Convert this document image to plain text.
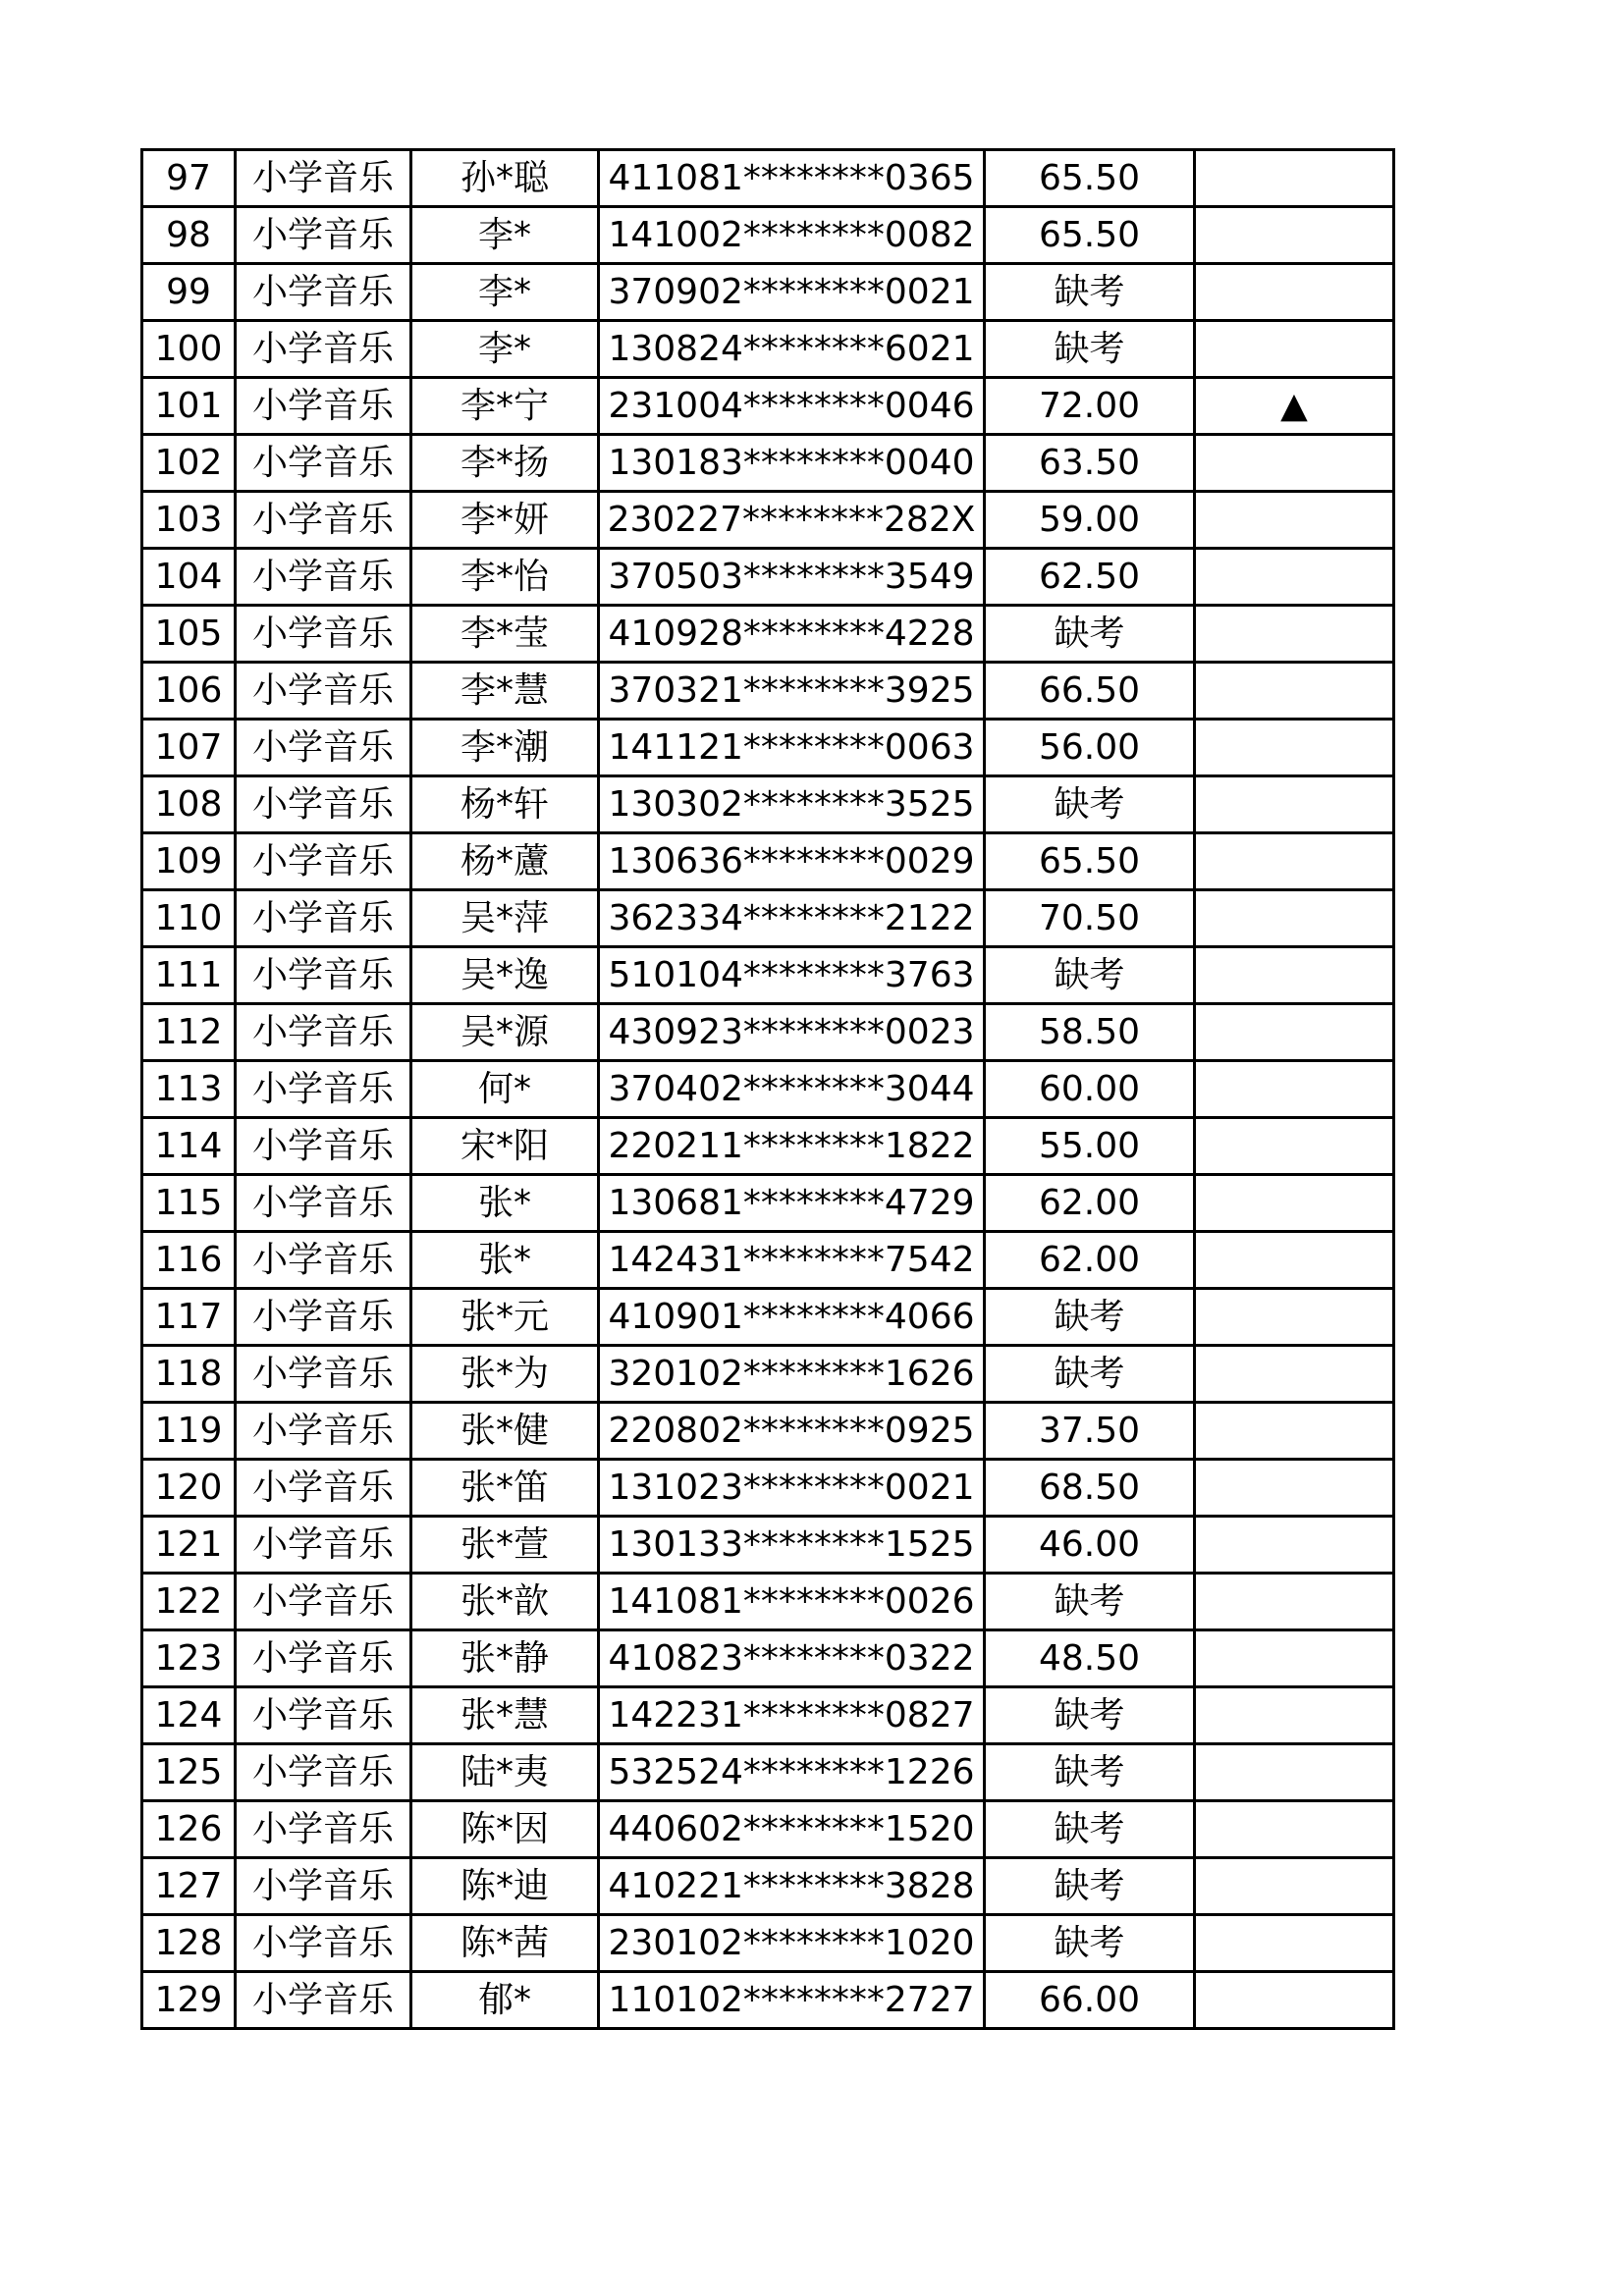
97	小学音乐	孙*聪	411081********0365	65.50	
98	小学音乐	李*	141002********0082	65.50	
99	小学音乐	李*	370902********0021	缺考	
100	小学音乐	李*	130824********6021	缺考	
101	小学音乐	李*宁	231004********0046	72.00	▲
102	小学音乐	李*扬	130183********0040	63.50	
103	小学音乐	李*妍	230227********282X	59.00	
104	小学音乐	李*怡	370503********3549	62.50	
105	小学音乐	李*莹	410928********4228	缺考	
106	小学音乐	李*慧	370321********3925	66.50	
107	小学音乐	李*潮	141121********0063	56.00	
108	小学音乐	杨*轩	130302********3525	缺考	
109	小学音乐	杨*藘	130636********0029	65.50	
110	小学音乐	吴*萍	362334********2122	70.50	
111	小学音乐	吴*逸	510104********3763	缺考	
112	小学音乐	吴*源	430923********0023	58.50	
113	小学音乐	何*	370402********3044	60.00	
114	小学音乐	宋*阳	220211********1822	55.00	
115	小学音乐	张*	130681********4729	62.00	
116	小学音乐	张*	142431********7542	62.00	
117	小学音乐	张*元	410901********4066	缺考	
118	小学音乐	张*为	320102********1626	缺考	
119	小学音乐	张*健	220802********0925	37.50	
120	小学音乐	张*笛	131023********0021	68.50	
121	小学音乐	张*萱	130133********1525	46.00	
122	小学音乐	张*歆	141081********0026	缺考	
123	小学音乐	张*静	410823********0322	48.50	
124	小学音乐	张*慧	142231********0827	缺考	
125	小学音乐	陆*夷	532524********1226	缺考	
126	小学音乐	陈*因	440602********1520	缺考	
127	小学音乐	陈*迪	410221********3828	缺考	
128	小学音乐	陈*茜	230102********1020	缺考	
129	小学音乐	郁*	110102********2727	66.00	
